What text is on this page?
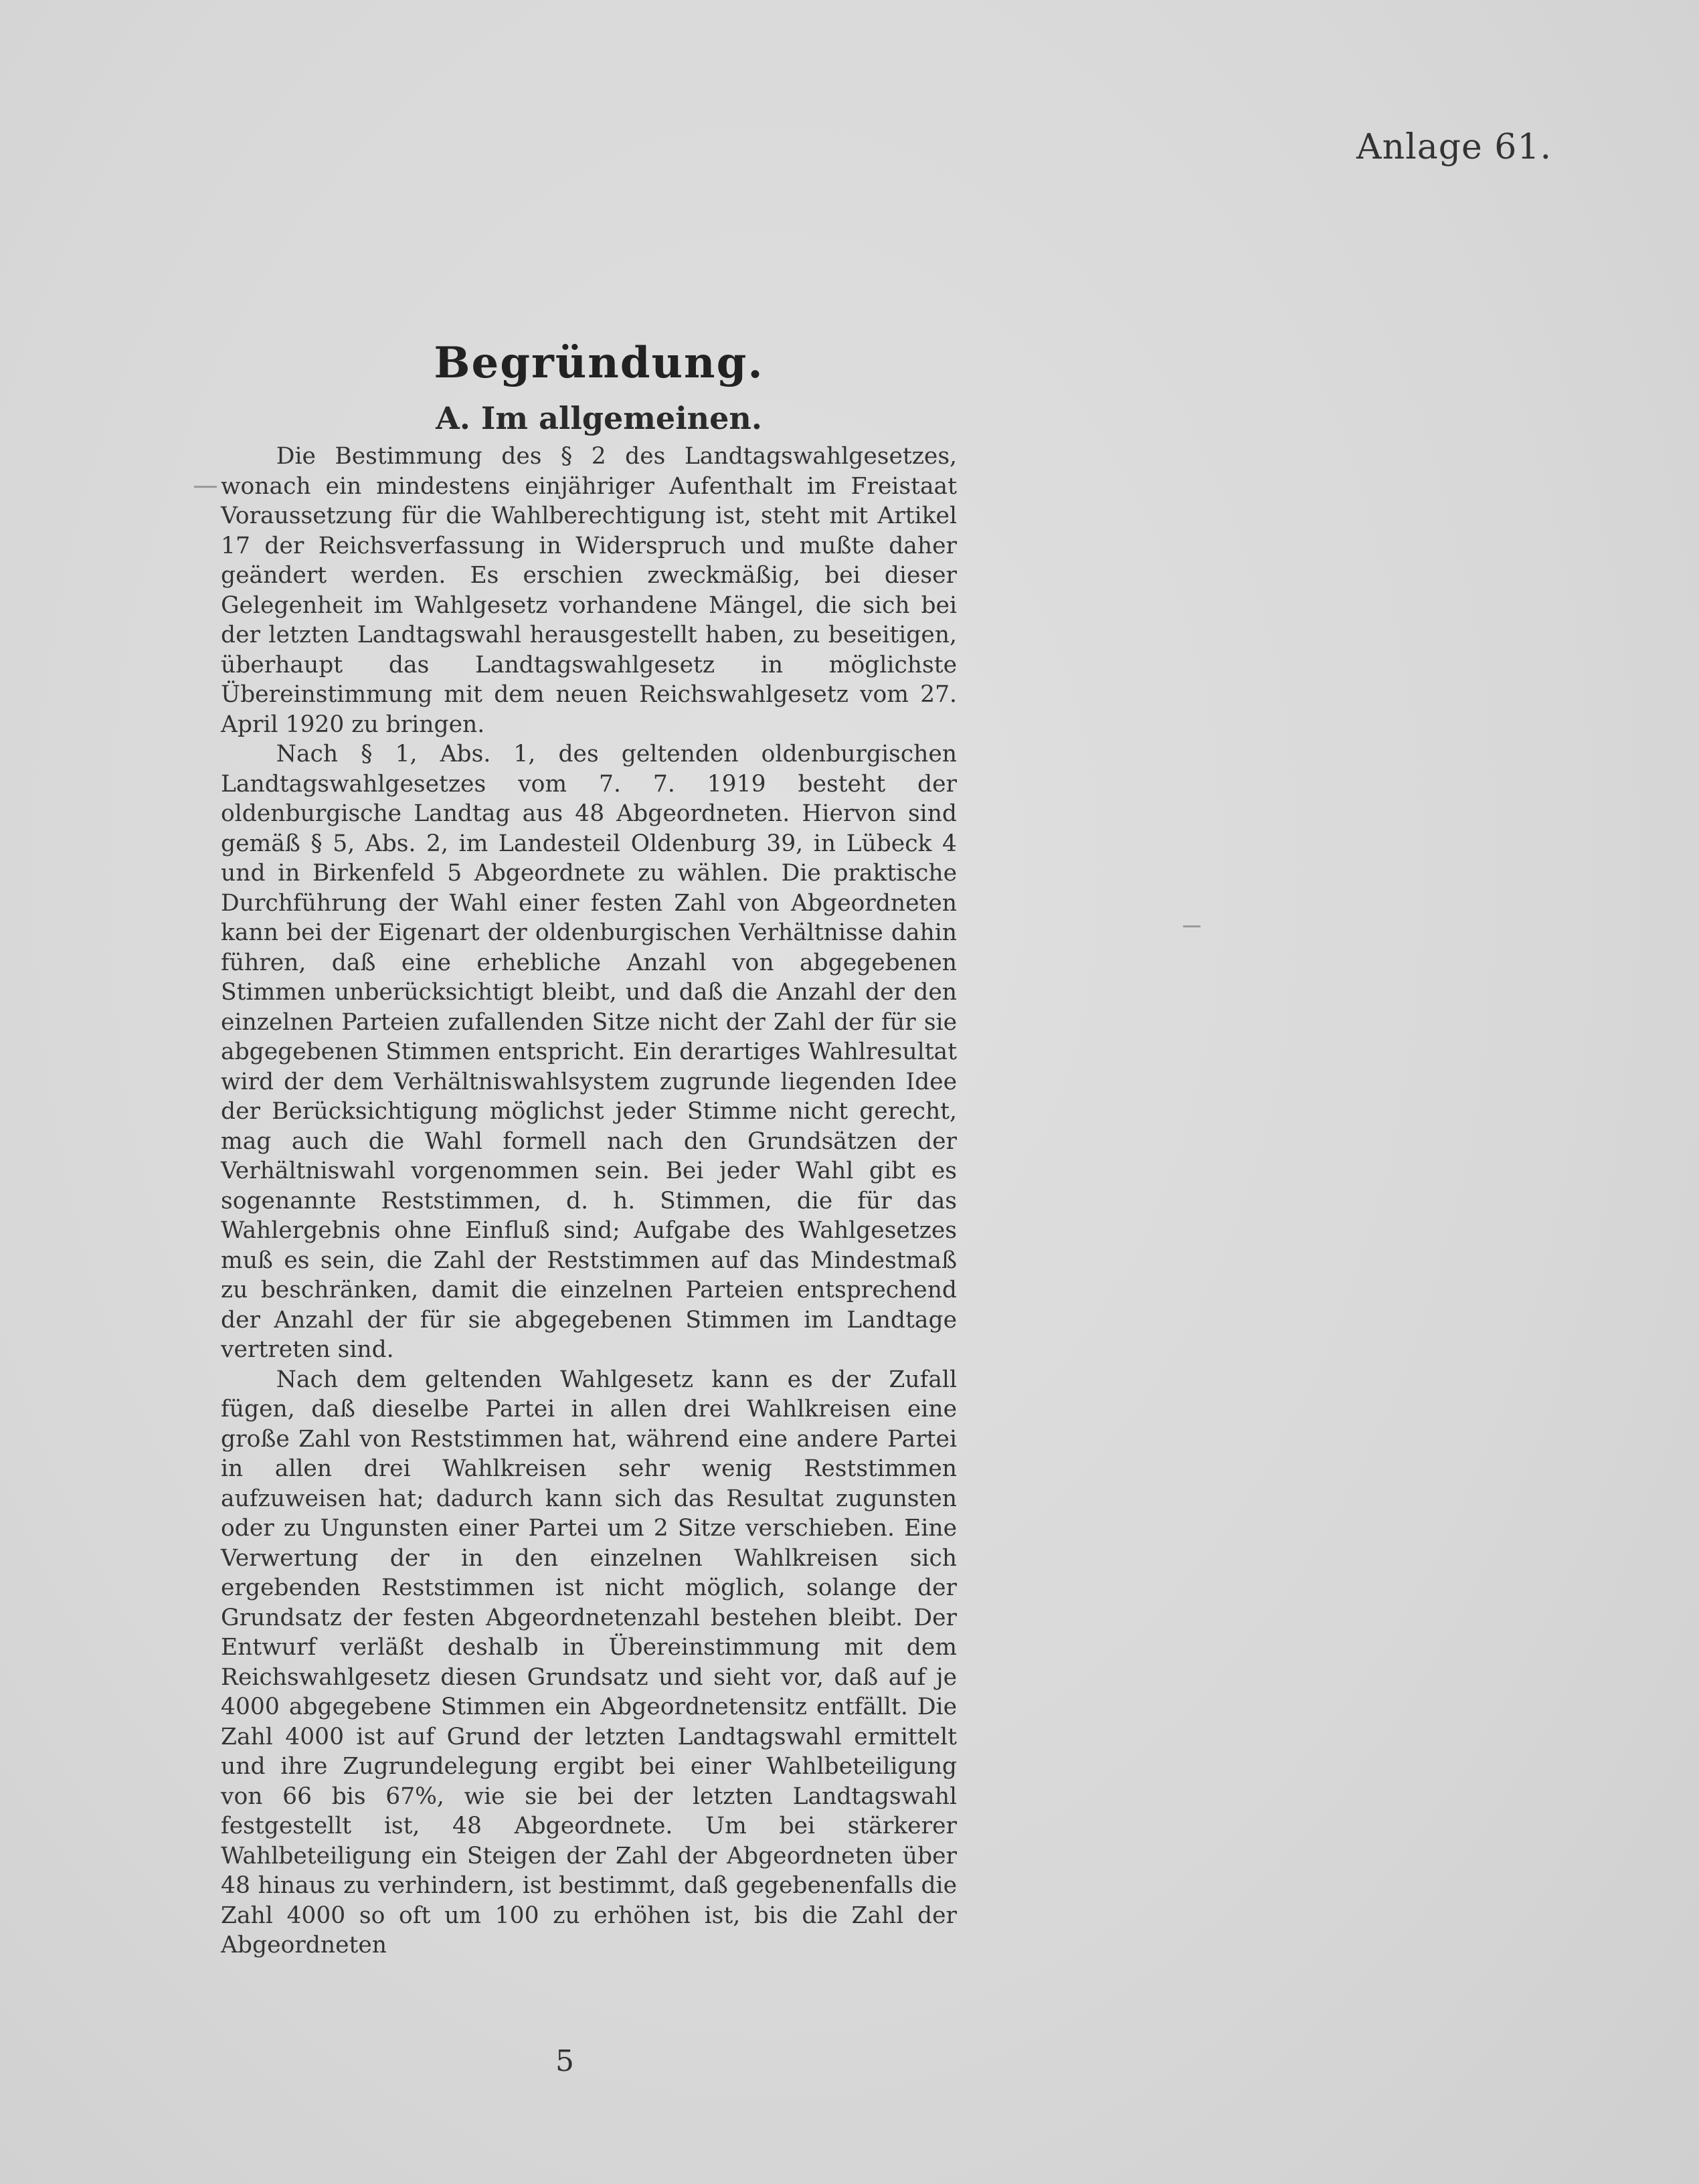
Anlage 61.
Begründung.
A. Im allgemeinen.

Die Bestimmung des § 2 des Landtagswahlgesetzes, wonach ein mindestens einjähriger Aufenthalt im Freistaat Voraussetzung für die Wahlberechtigung ist, steht mit Artikel 17 der Reichsverfassung in Widerspruch und mußte daher geändert werden. Es erschien zweckmäßig, bei dieser Gelegenheit im Wahlgesetz vorhandene Mängel, die sich bei der letzten Landtagswahl herausgestellt haben, zu beseitigen, überhaupt das Landtagswahlgesetz in möglichste Übereinstimmung mit dem neuen Reichswahlgesetz vom 27. April 1920 zu bringen.

Nach § 1, Abs. 1, des geltenden oldenburgischen Landtagswahlgesetzes vom 7. 7. 1919 besteht der oldenburgische Landtag aus 48 Abgeordneten. Hiervon sind gemäß § 5, Abs. 2, im Landesteil Oldenburg 39, in Lübeck 4 und in Birkenfeld 5 Abgeordnete zu wählen. Die praktische Durchführung der Wahl einer festen Zahl von Abgeordneten kann bei der Eigenart der oldenburgischen Verhältnisse dahin führen, daß eine erhebliche Anzahl von abgegebenen Stimmen unberücksichtigt bleibt, und daß die Anzahl der den einzelnen Parteien zufallenden Sitze nicht der Zahl der für sie abgegebenen Stimmen entspricht. Ein derartiges Wahlresultat wird der dem Verhältniswahlsystem zugrunde liegenden Idee der Berücksichtigung möglichst jeder Stimme nicht gerecht, mag auch die Wahl formell nach den Grundsätzen der Verhältniswahl vorgenommen sein. Bei jeder Wahl gibt es sogenannte Reststimmen, d. h. Stimmen, die für das Wahlergebnis ohne Einfluß sind; Aufgabe des Wahlgesetzes muß es sein, die Zahl der Reststimmen auf das Mindestmaß zu beschränken, damit die einzelnen Parteien entsprechend der Anzahl der für sie abgegebenen Stimmen im Landtage vertreten sind.

Nach dem geltenden Wahlgesetz kann es der Zufall fügen, daß dieselbe Partei in allen drei Wahlkreisen eine große Zahl von Reststimmen hat, während eine andere Partei in allen drei Wahlkreisen sehr wenig Reststimmen aufzuweisen hat; dadurch kann sich das Resultat zugunsten oder zu Ungunsten einer Partei um 2 Sitze verschieben. Eine Verwertung der in den einzelnen Wahlkreisen sich ergebenden Reststimmen ist nicht möglich, solange der Grundsatz der festen Abgeordnetenzahl bestehen bleibt. Der Entwurf verläßt deshalb in Übereinstimmung mit dem Reichswahlgesetz diesen Grundsatz und sieht vor, daß auf je 4000 abgegebene Stimmen ein Abgeordnetensitz entfällt. Die Zahl 4000 ist auf Grund der letzten Landtagswahl ermittelt und ihre Zugrundelegung ergibt bei einer Wahlbeteiligung von 66 bis 67%, wie sie bei der letzten Landtagswahl festgestellt ist, 48 Abgeordnete. Um bei stärkerer Wahlbeteiligung ein Steigen der Zahl der Abgeordneten über 48 hinaus zu verhindern, ist bestimmt, daß gegebenenfalls die Zahl 4000 so oft um 100 zu erhöhen ist, bis die Zahl der Abgeordneten

5
